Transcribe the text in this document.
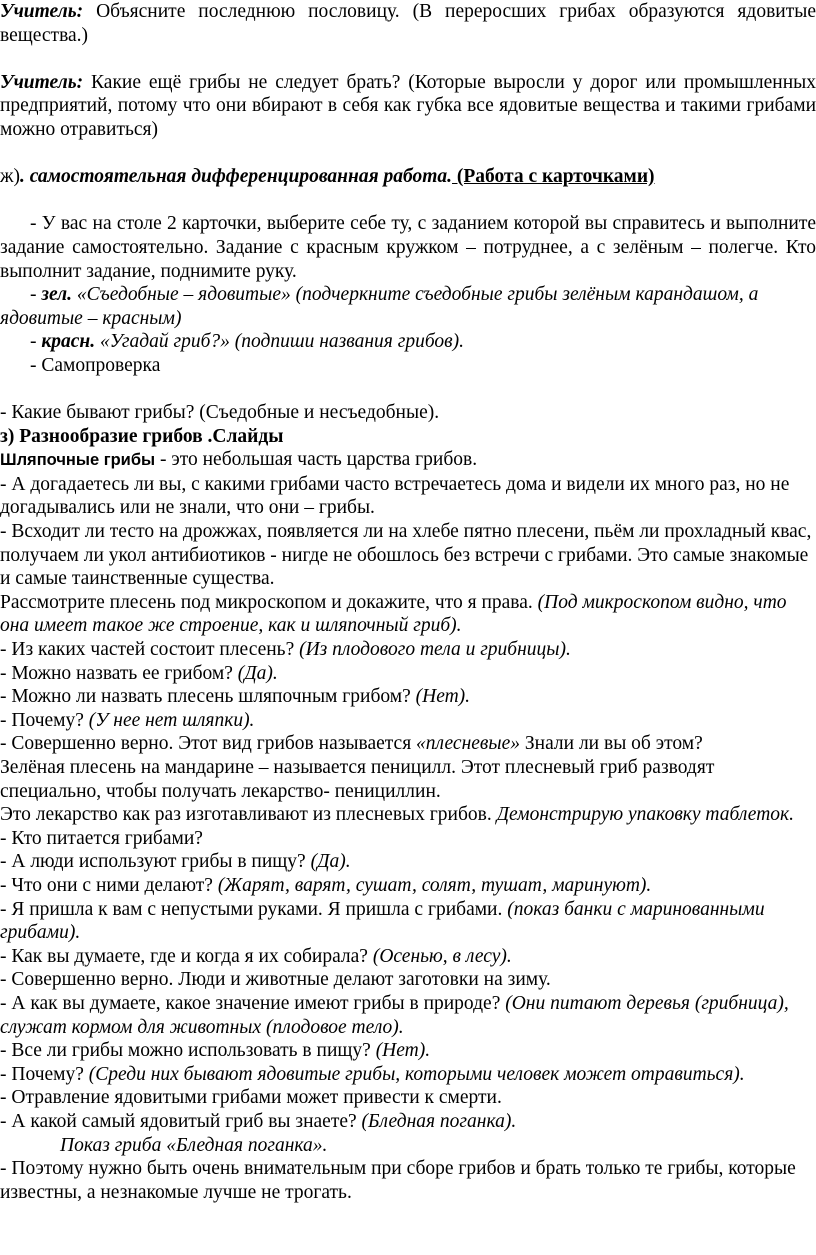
Учитель: Объясните последнюю пословицу. (В переросших грибах образуются ядовитые вещества.)

Учитель: Какие ещё грибы не следует брать? (Которые выросли у дорог или промышленных предприятий, потому что они вбирают в себя как губка все ядовитые вещества и такими грибами можно отравиться)

ж). самостоятельная дифференцированная работа. (Работа с карточками)

- У вас на столе 2 карточки, выберите себе ту, с заданием которой вы справитесь и выполните задание самостоятельно. Задание с красным кружком – потруднее, а с зелёным – полегче. Кто выполнит задание, поднимите руку.

- зел. «Съедобные – ядовитые» (подчеркните съедобные грибы зелёным карандашом, а ядовитые – красным)

- красн. «Угадай гриб?» (подпиши названия грибов).

- Самопроверка

- Какие бывают грибы? (Съедобные и несъедобные).

з) Разнообразие грибов .Слайды

Шляпочные грибы - это небольшая часть царства грибов.

- А догадаетесь ли вы, с какими грибами часто встречаетесь дома и видели их много раз, но не догадывались или не знали, что они – грибы.

- Всходит ли тесто на дрожжах, появляется ли на хлебе пятно плесени, пьём ли прохладный квас, получаем ли укол антибиотиков - нигде не обошлось без встречи с грибами. Это самые знакомые и самые таинственные существа.

Рассмотрите плесень под микроскопом и докажите, что я права. (Под микроскопом видно, что она имеет такое же строение, как и шляпочный гриб).

- Из каких частей состоит плесень? (Из плодового тела и грибницы).

- Можно назвать ее грибом? (Да).

- Можно ли назвать плесень шляпочным грибом? (Нет).

- Почему? (У нее нет шляпки).

- Совершенно верно. Этот вид грибов называется «плесневые» Знали ли вы об этом?

Зелёная плесень на мандарине – называется пеницилл. Этот плесневый гриб разводят специально, чтобы получать лекарство- пенициллин.

Это лекарство как раз изготавливают из плесневых грибов. Демонстрирую упаковку таблеток.

- Кто питается грибами?

- А люди используют грибы в пищу? (Да).

- Что они с ними делают? (Жарят, варят, сушат, солят, тушат, маринуют).

- Я пришла к вам с непустыми руками. Я пришла с грибами. (показ банки с маринованными грибами).

- Как вы думаете, где и когда я их собирала? (Осенью, в лесу).

- Совершенно верно. Люди и животные делают заготовки на зиму.

- А как вы думаете, какое значение имеют грибы в природе? (Они питают деревья (грибница), служат кормом для животных (плодовое тело).

- Все ли грибы можно использовать в пищу? (Нет).

- Почему? (Среди них бывают ядовитые грибы, которыми человек может отравиться).

- Отравление ядовитыми грибами может привести к смерти.

- А какой самый ядовитый гриб вы знаете? (Бледная поганка).

Показ гриба «Бледная поганка».

- Поэтому нужно быть очень внимательным при сборе грибов и брать только те грибы, которые известны, а незнакомые лучше не трогать.
